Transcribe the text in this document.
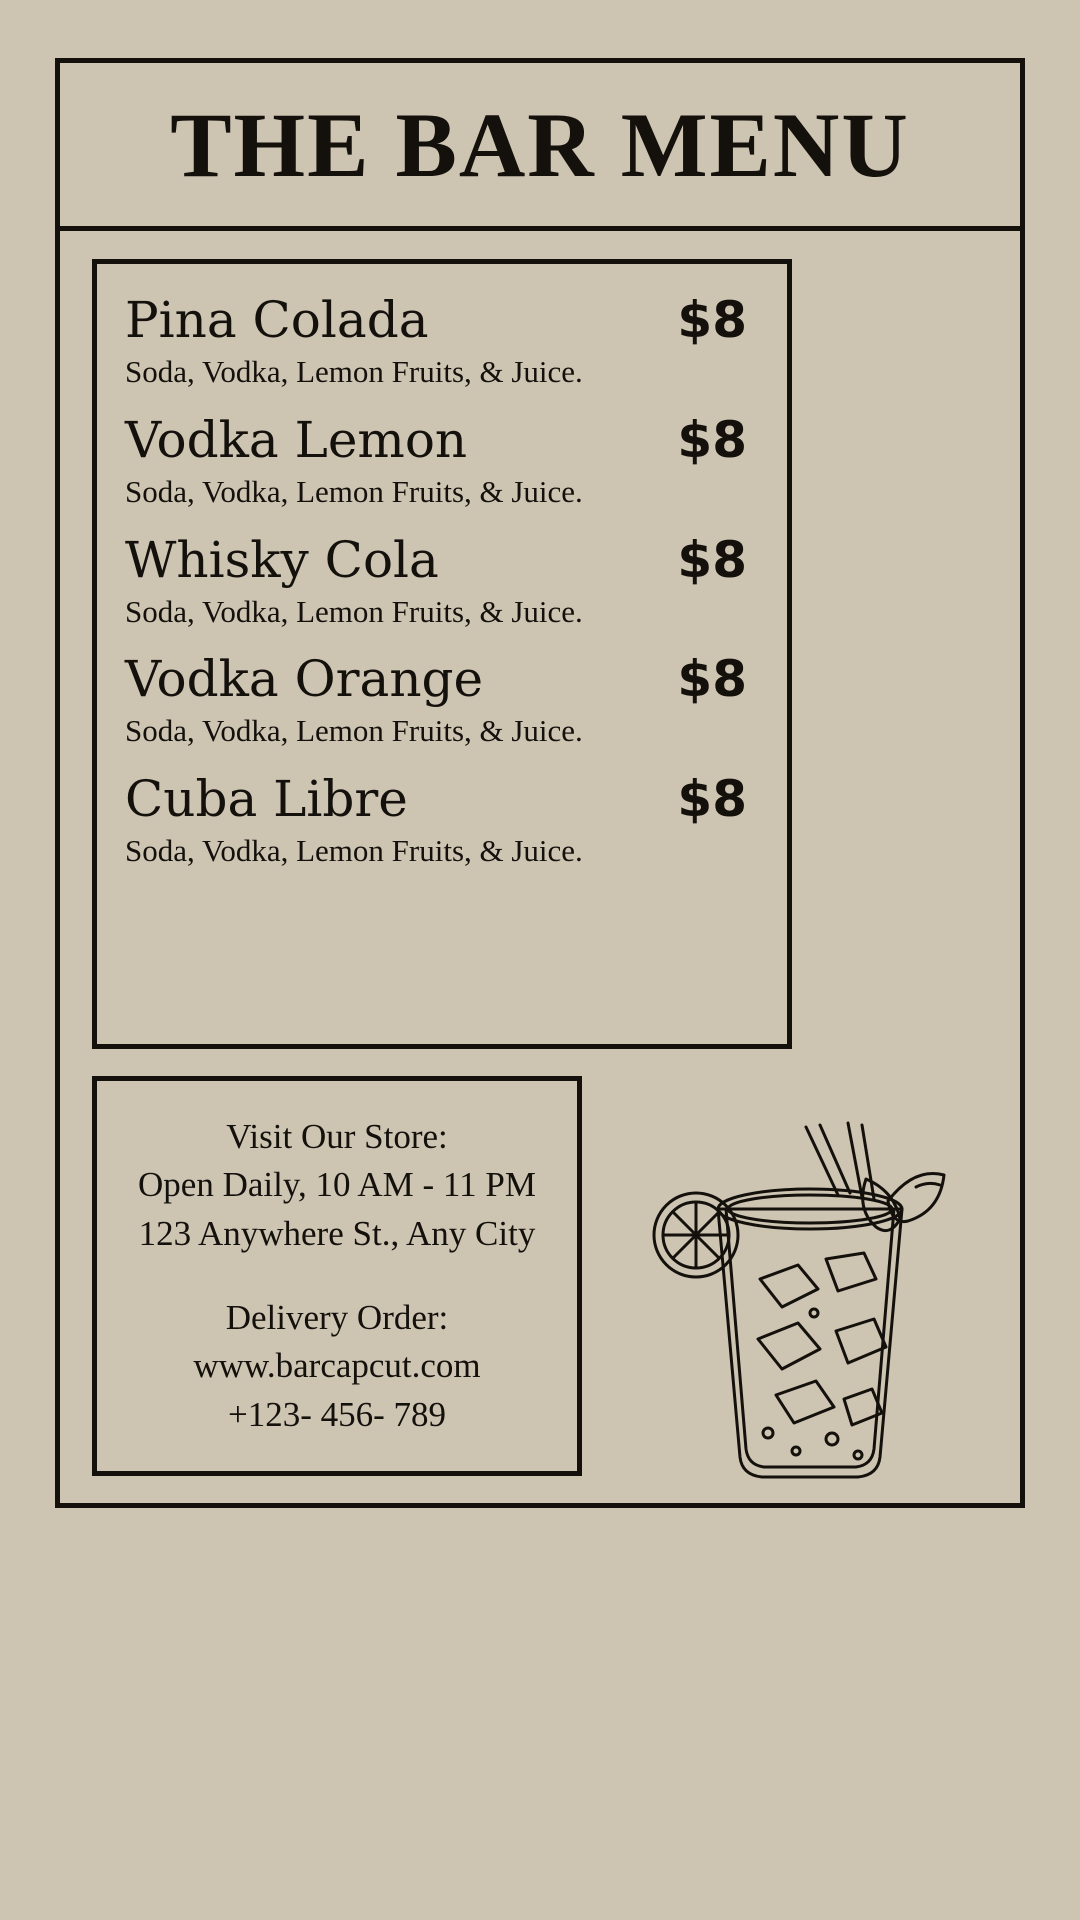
THE BAR MENU
Pina Colada	$8
Soda, Vodka, Lemon Fruits, & Juice.
Vodka Lemon	$8
Soda, Vodka, Lemon Fruits, & Juice.
Whisky Cola	$8
Soda, Vodka, Lemon Fruits, & Juice.
Vodka Orange	$8
Soda, Vodka, Lemon Fruits, & Juice.
Cuba Libre	$8
Soda, Vodka, Lemon Fruits, & Juice.
Visit Our Store:
Open Daily, 10 AM - 11 PM
123 Anywhere St., Any City
Delivery Order:
www.barcapcut.com
+123- 456- 789
